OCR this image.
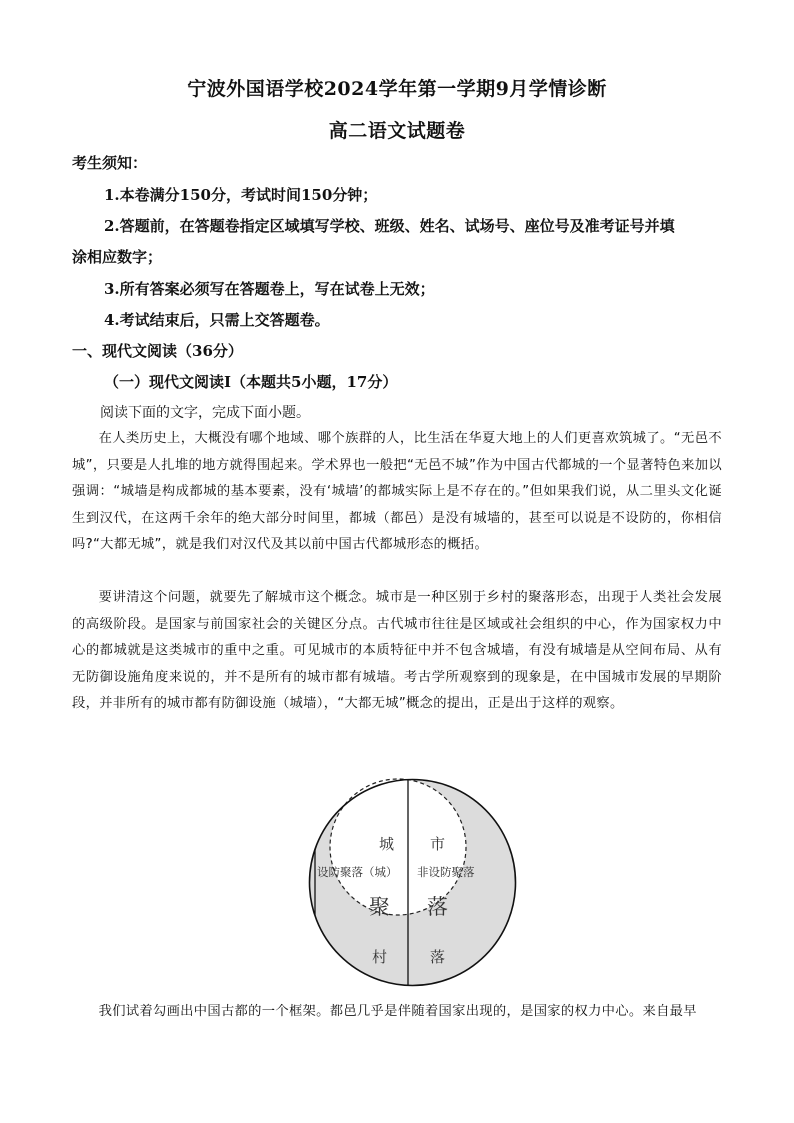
宁波外国语学校2024学年第一学期9月学情诊断
高二语文试题卷
考生须知：
1.本卷满分150分，考试时间150分钟；
2.答题前，在答题卷指定区域填写学校、班级、姓名、试场号、座位号及准考证号并填
涂相应数字；
3.所有答案必须写在答题卷上，写在试卷上无效；
4.考试结束后，只需上交答题卷。
一、现代文阅读（36分）
（一）现代文阅读Ⅰ（本题共5小题，17分）
阅读下面的文字，完成下面小题。
在人类历史上，大概没有哪个地域、哪个族群的人，比生活在华夏大地上的人们更喜欢筑城了。“无邑不城”，只要是人扎堆的地方就得围起来。学术界也一般把“无邑不城”作为中国古代都城的一个显著特色来加以强调：“城墙是构成都城的基本要素，没有‘城墙’的都城实际上是不存在的。”但如果我们说，从二里头文化诞生到汉代，在这两千余年的绝大部分时间里，都城（都邑）是没有城墙的，甚至可以说是不设防的，你相信吗?“大都无城”，就是我们对汉代及其以前中国古代都城形态的概括。
要讲清这个问题，就要先了解城市这个概念。城市是一种区别于乡村的聚落形态，出现于人类社会发展的高级阶段。是国家与前国家社会的关键区分点。古代城市往往是区域或社会组织的中心，作为国家权力中心的都城就是这类城市的重中之重。可见城市的本质特征中并不包含城墙，有没有城墙是从空间布局、从有无防御设施角度来说的，并不是所有的城市都有城墙。考古学所观察到的现象是，在中国城市发展的早期阶段，并非所有的城市都有防御设施（城墙），“大都无城”概念的提出，正是出于这样的观察。
城 市
设防聚落（城） 非设防聚落
聚 落
村	落
我们试着勾画出中国古都的一个框架。都邑几乎是伴随着国家出现的，是国家的权力中心。来自最早
